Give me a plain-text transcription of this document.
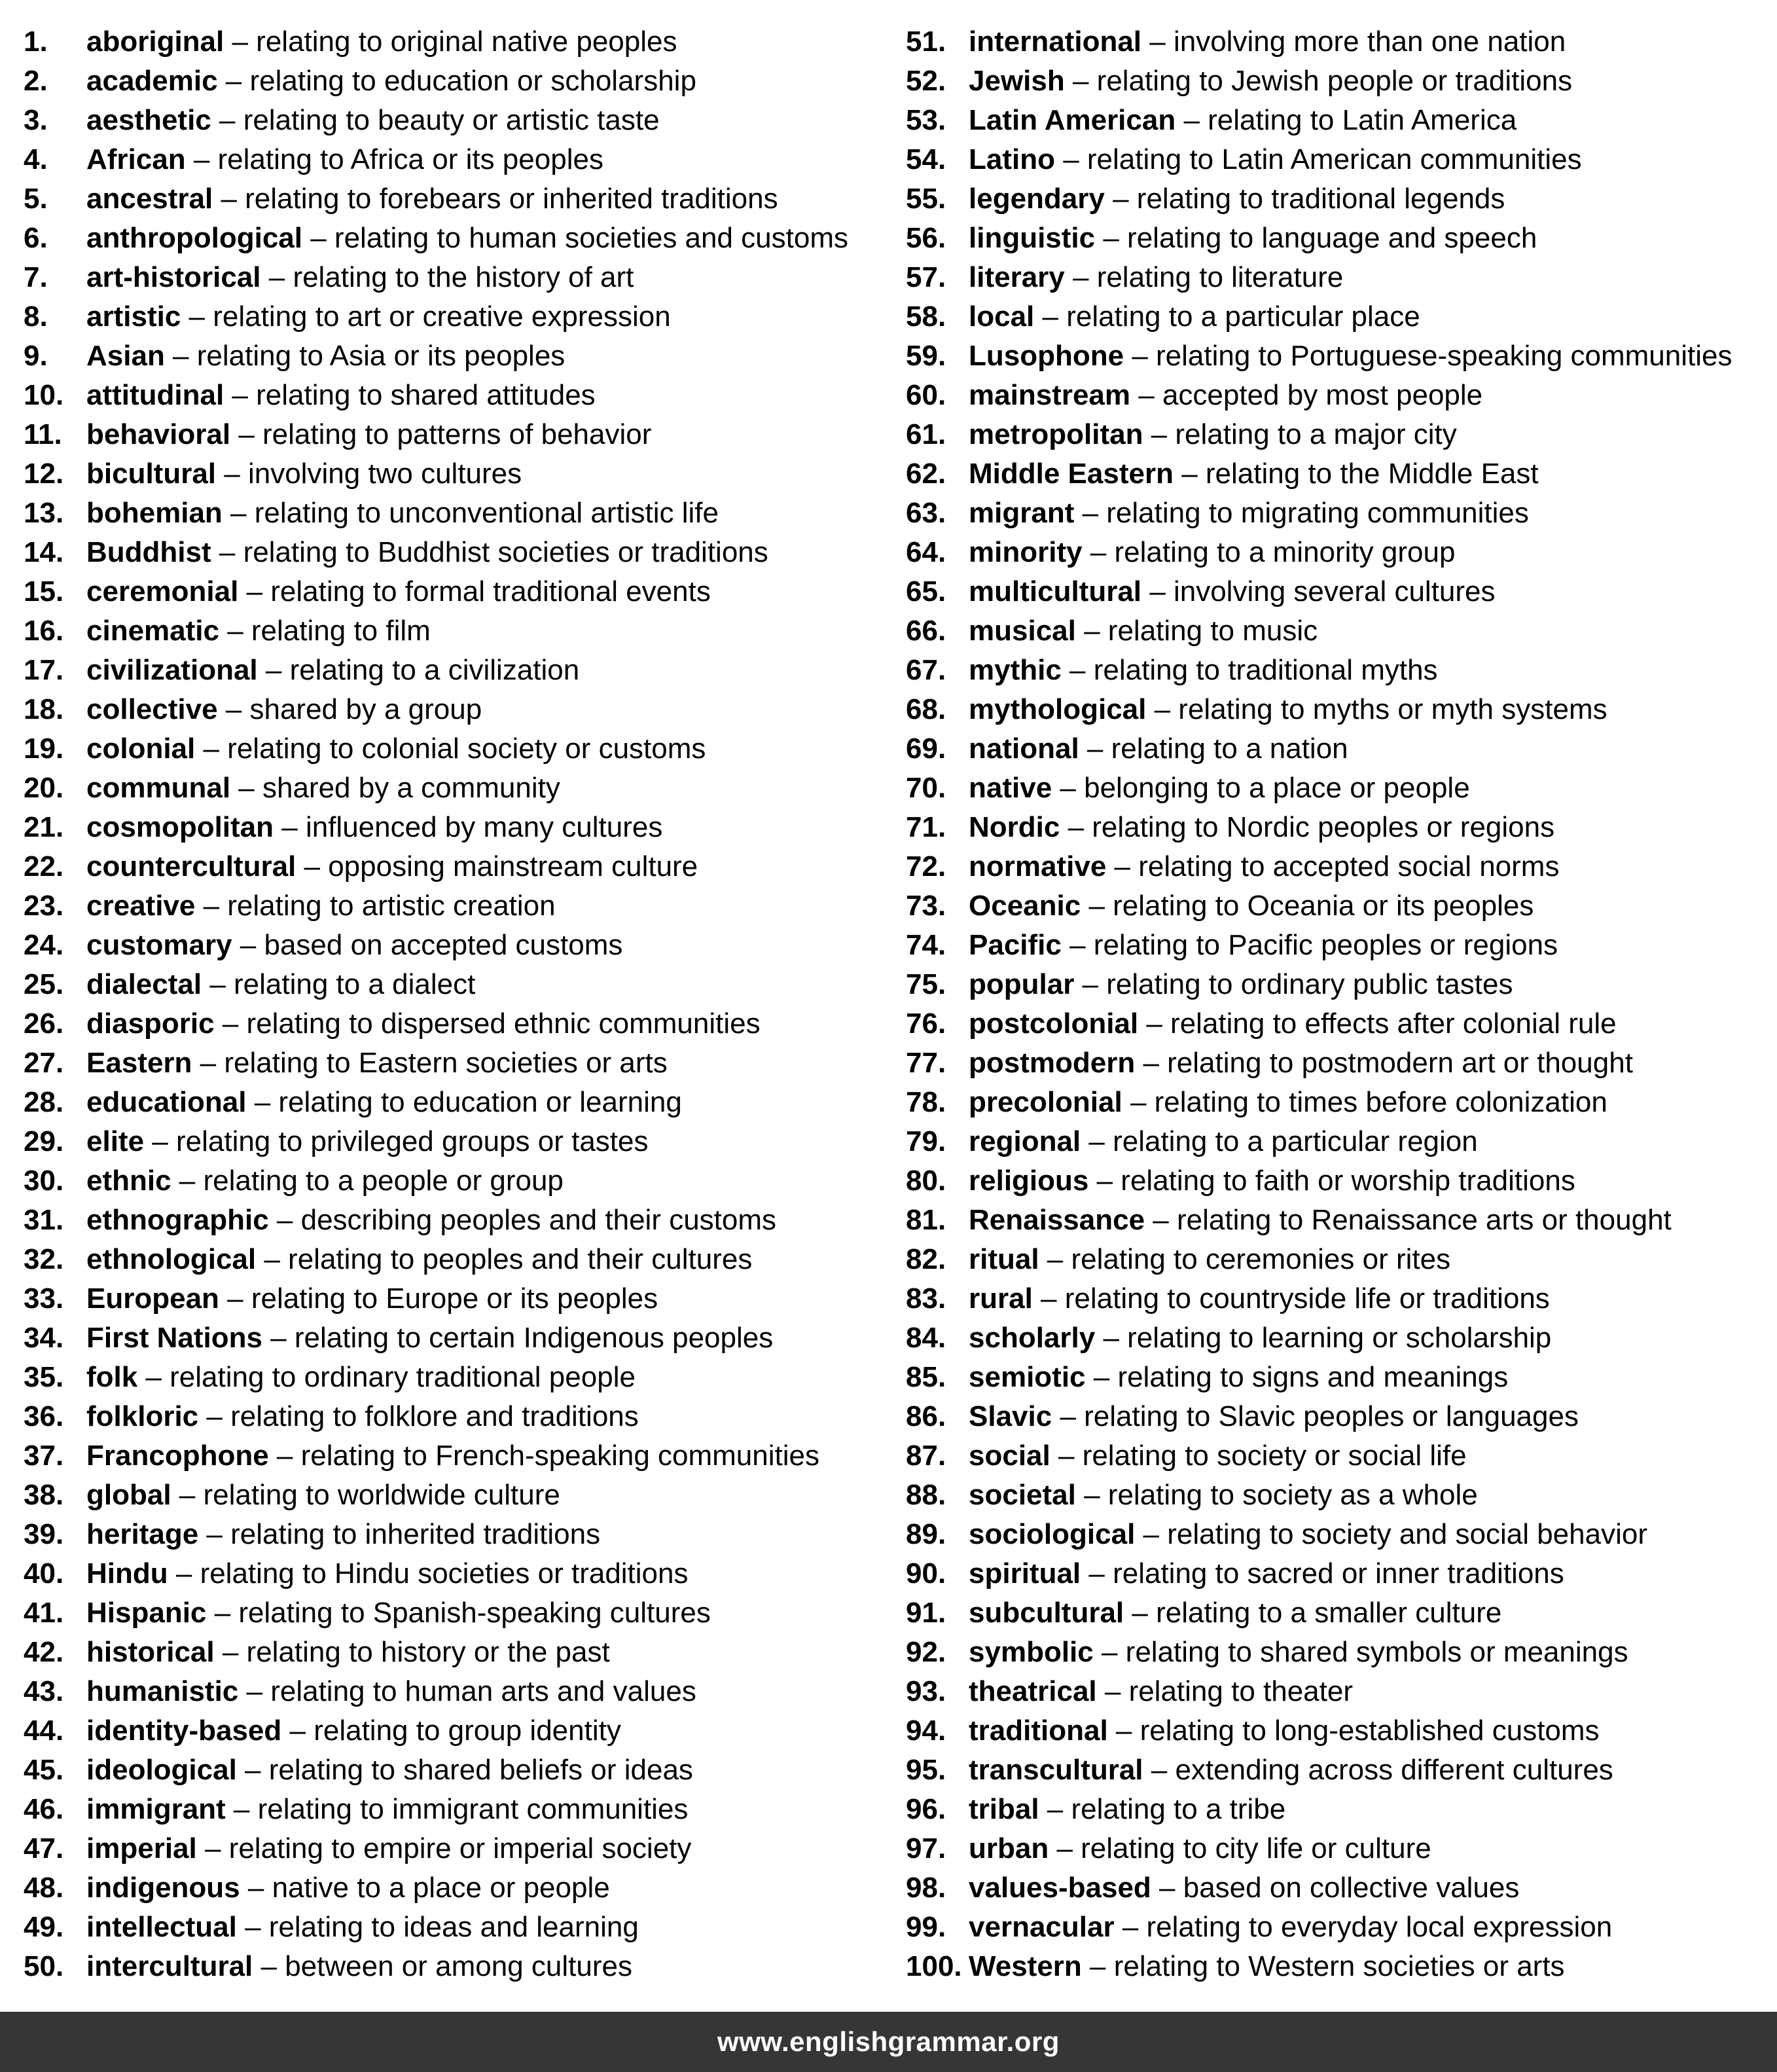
1.	aboriginal – relating to original native peoples
2.	academic – relating to education or scholarship
3.	aesthetic – relating to beauty or artistic taste
4.	African – relating to Africa or its peoples
5.	ancestral – relating to forebears or inherited traditions
6.	anthropological – relating to human societies and customs
7.	art-historical – relating to the history of art
8.	artistic – relating to art or creative expression
9.	Asian – relating to Asia or its peoples
10. attitudinal – relating to shared attitudes
11. behavioral – relating to patterns of behavior
12. bicultural – involving two cultures
13. bohemian – relating to unconventional artistic life
14. Buddhist – relating to Buddhist societies or traditions
15. ceremonial – relating to formal traditional events
16. cinematic – relating to film
17. civilizational – relating to a civilization
18. collective – shared by a group
19. colonial – relating to colonial society or customs
20. communal – shared by a community
21. cosmopolitan – influenced by many cultures
22. countercultural – opposing mainstream culture
23. creative – relating to artistic creation
24. customary – based on accepted customs
25. dialectal – relating to a dialect
26. diasporic – relating to dispersed ethnic communities
27. Eastern – relating to Eastern societies or arts
28. educational – relating to education or learning
29. elite – relating to privileged groups or tastes
30. ethnic – relating to a people or group
31. ethnographic – describing peoples and their customs
32. ethnological – relating to peoples and their cultures
33. European – relating to Europe or its peoples
34. First Nations – relating to certain Indigenous peoples
35. folk – relating to ordinary traditional people
36. folkloric – relating to folklore and traditions
37. Francophone – relating to French-speaking communities
38. global – relating to worldwide culture
39. heritage – relating to inherited traditions
40. Hindu – relating to Hindu societies or traditions
41. Hispanic – relating to Spanish-speaking cultures
42. historical – relating to history or the past
43. humanistic – relating to human arts and values
44. identity-based – relating to group identity
45. ideological – relating to shared beliefs or ideas
46. immigrant – relating to immigrant communities
47. imperial – relating to empire or imperial society
48. indigenous – native to a place or people
49. intellectual – relating to ideas and learning
50. intercultural – between or among cultures
51. international – involving more than one nation
52. Jewish – relating to Jewish people or traditions
53. Latin American – relating to Latin America
54. Latino – relating to Latin American communities
55. legendary – relating to traditional legends
56. linguistic – relating to language and speech
57. literary – relating to literature
58. local – relating to a particular place
59. Lusophone – relating to Portuguese-speaking communities
60. mainstream – accepted by most people
61. metropolitan – relating to a major city
62. Middle Eastern – relating to the Middle East
63. migrant – relating to migrating communities
64. minority – relating to a minority group
65. multicultural – involving several cultures
66. musical – relating to music
67. mythic – relating to traditional myths
68. mythological – relating to myths or myth systems
69. national – relating to a nation
70. native – belonging to a place or people
71. Nordic – relating to Nordic peoples or regions
72. normative – relating to accepted social norms
73. Oceanic – relating to Oceania or its peoples
74. Pacific – relating to Pacific peoples or regions
75. popular – relating to ordinary public tastes
76. postcolonial – relating to effects after colonial rule
77. postmodern – relating to postmodern art or thought
78. precolonial – relating to times before colonization
79. regional – relating to a particular region
80. religious – relating to faith or worship traditions
81. Renaissance – relating to Renaissance arts or thought
82. ritual – relating to ceremonies or rites
83. rural – relating to countryside life or traditions
84. scholarly – relating to learning or scholarship
85. semiotic – relating to signs and meanings
86. Slavic – relating to Slavic peoples or languages
87. social – relating to society or social life
88. societal – relating to society as a whole
89. sociological – relating to society and social behavior
90. spiritual – relating to sacred or inner traditions
91. subcultural – relating to a smaller culture
92. symbolic – relating to shared symbols or meanings
93. theatrical – relating to theater
94. traditional – relating to long-established customs
95. transcultural – extending across different cultures
96. tribal – relating to a tribe
97. urban – relating to city life or culture
98. values-based – based on collective values
99. vernacular – relating to everyday local expression
100. Western – relating to Western societies or arts
www.englishgrammar.org
